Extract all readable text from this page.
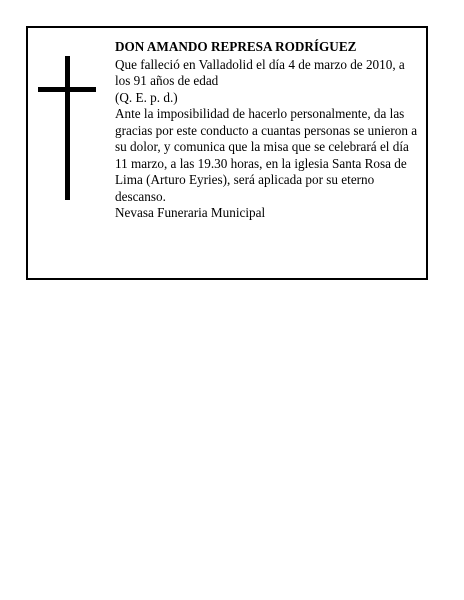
DON AMANDO REPRESA RODRÍGUEZ

Que falleció en Valladolid el día 4 de marzo de 2010, a los 91 años de edad

(Q. E. p. d.)

Ante la imposibilidad de hacerlo personalmente, da las gracias por este conducto a cuantas personas se unieron a su dolor, y comunica que la misa que se celebrará el día 11 marzo, a las 19.30 horas, en la iglesia Santa Rosa de Lima (Arturo Eyries), será aplicada por su eterno descanso.

Nevasa Funeraria Municipal
